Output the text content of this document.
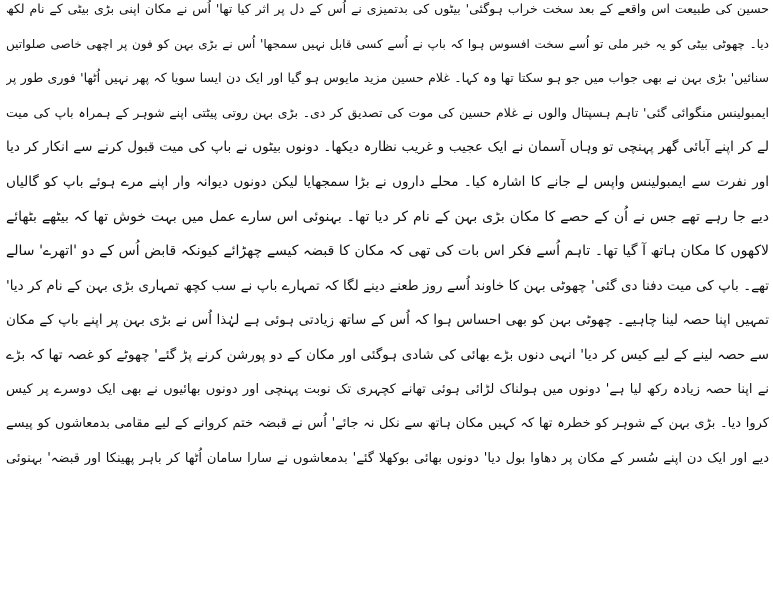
حسین کی طبیعت اس واقعے کے بعد سخت خراب ہوگئی' بیٹوں کی بدتمیزی نے اُس کے دل پر اثر کیا تھا' اُس نے مکان اپنی بڑی بیٹی کے نام لکھ
دیا۔ چھوٹی بیٹی کو یہ خبر ملی تو اُسے سخت افسوس ہوا کہ باپ نے اُسے کسی قابل نہیں سمجھا' اُس نے بڑی بہن کو فون پر اچھی خاصی صلواتیں
سنائیں' بڑی بہن نے بھی جواب میں جو ہو سکتا تھا وہ کہا۔ غلام حسین مزید مایوس ہو گیا اور ایک دن ایسا سویا کہ پھر نہیں اُٹھا' فوری طور پر
ایمبولینس منگوائی گئی' تاہم ہسپتال والوں نے غلام حسین کی موت کی تصدیق کر دی۔ بڑی بہن روتی پیٹتی اپنے شوہر کے ہمراہ باپ کی میت
لے کر اپنے آبائی گھر پہنچی تو وہاں آسمان نے ایک عجیب و غریب نظارہ دیکھا۔ دونوں بیٹوں نے باپ کی میت قبول کرنے سے انکار کر دیا
اور نفرت سے ایمبولینس واپس لے جانے کا اشارہ کیا۔ محلے داروں نے بڑا سمجھایا لیکن دونوں دیوانہ وار اپنے مرے ہوئے باپ کو گالیاں
دیے جا رہے تھے جس نے اُن کے حصے کا مکان بڑی بہن کے نام کر دیا تھا۔ بہنوئی اس سارے عمل میں بہت خوش تھا کہ بیٹھے بٹھائے
لاکھوں کا مکان ہاتھ آ گیا تھا۔ تاہم اُسے فکر اس بات کی تھی کہ مکان کا قبضہ کیسے چھڑائے کیونکہ قابض اُس کے دو 'اتھرے' سالے
تھے۔ باپ کی میت دفنا دی گئی' چھوٹی بہن کا خاوند اُسے روز طعنے دینے لگا کہ تمہارے باپ نے سب کچھ تمہاری بڑی بہن کے نام کر دیا'
تمہیں اپنا حصہ لینا چاہیے۔ چھوٹی بہن کو بھی احساس ہوا کہ اُس کے ساتھ زیادتی ہوئی ہے لہٰذا اُس نے بڑی بہن پر اپنے باپ کے مکان
سے حصہ لینے کے لیے کیس کر دیا' انہی دنوں بڑے بھائی کی شادی ہوگئی اور مکان کے دو پورشن کرنے پڑ گئے' چھوٹے کو غصہ تھا کہ بڑے
نے اپنا حصہ زیادہ رکھ لیا ہے' دونوں میں ہولناک لڑائی ہوئی تھانے کچہری تک نوبت پہنچی اور دونوں بھائیوں نے بھی ایک دوسرے پر کیس
کروا دیا۔ بڑی بہن کے شوہر کو خطرہ تھا کہ کہیں مکان ہاتھ سے نکل نہ جائے' اُس نے قبضہ ختم کروانے کے لیے مقامی بدمعاشوں کو پیسے
دیے اور ایک دن اپنے سُسر کے مکان پر دھاوا بول دیا' دونوں بھائی بوکھلا گئے' بدمعاشوں نے سارا سامان اُٹھا کر باہر پھینکا اور قبضہ' بہنوئی
